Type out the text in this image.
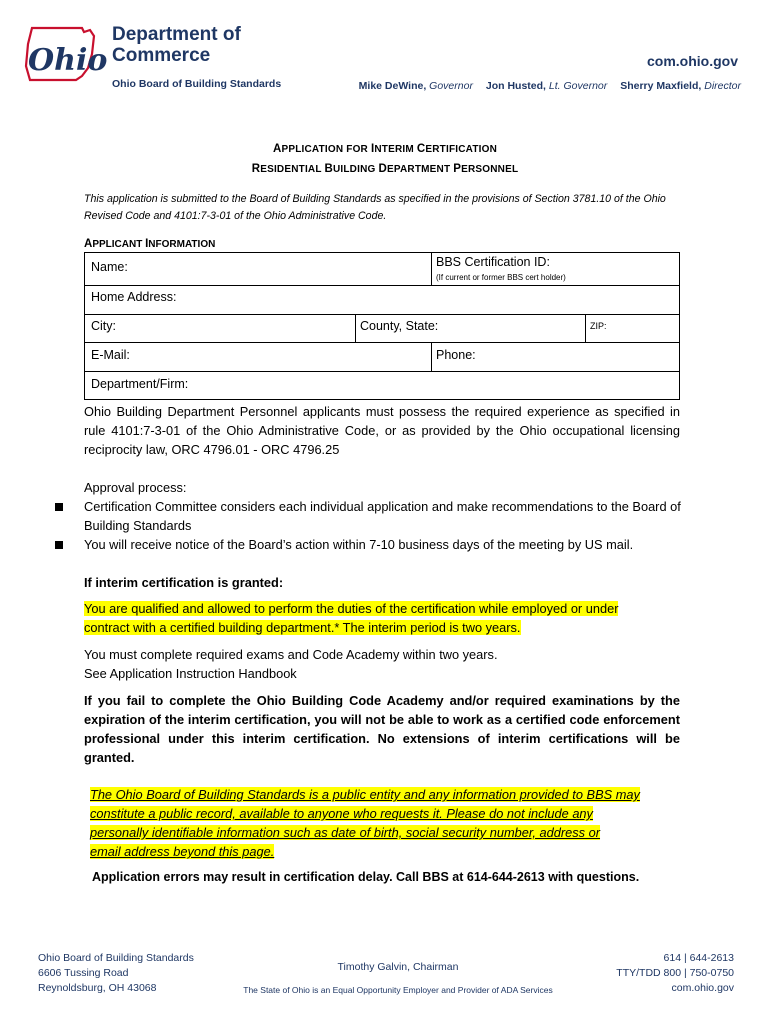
Ohio
Department of
Commerce
Ohio Board of Building Standards
com.ohio.gov
Mike DeWine, Governor Jon Husted, Lt. Governor Sherry Maxfield, Director
APPLICATION FOR INTERIM CERTIFICATION
RESIDENTIAL BUILDING DEPARTMENT PERSONNEL
This application is submitted to the Board of Building Standards as specified in the provisions of Section 3781.10 of the Ohio Revised Code and 4101:7-3-01 of the Ohio Administrative Code.
APPLICANT INFORMATION
Name:	BBS Certification ID:
(If current or former BBS cert holder)
Home Address:
City:	County, State:	ZIP:
E-Mail:	Phone:
Department/Firm:
Ohio Building Department Personnel applicants must possess the required experience as specified in rule 4101:7-3-01 of the Ohio Administrative Code, or as provided by the Ohio occupational licensing reciprocity law, ORC 4796.01 - ORC 4796.25
Approval process:
Certification Committee considers each individual application and make recommendations to the Board of Building Standards
You will receive notice of the Board’s action within 7-10 business days of the meeting by US mail.
If interim certification is granted:
You are qualified and allowed to perform the duties of the certification while employed or under
contract with a certified building department.* The interim period is two years.
You must complete required exams and Code Academy within two years.
See Application Instruction Handbook
If you fail to complete the Ohio Building Code Academy and/or required examinations by the expiration of the interim certification, you will not be able to work as a certified code enforcement professional under this interim certification. No extensions of interim certifications will be granted.
The Ohio Board of Building Standards is a public entity and any information provided to BBS may
constitute a public record, available to anyone who requests it. Please do not include any
personally identifiable information such as date of birth, social security number, address or
email address beyond this page.
Application errors may result in certification delay. Call BBS at 614-644-2613 with questions.
Ohio Board of Building Standards
6606 Tussing Road
Reynoldsburg, OH 43068
Timothy Galvin, Chairman
The State of Ohio is an Equal Opportunity Employer and Provider of ADA Services
614 | 644-2613
TTY/TDD 800 | 750-0750
com.ohio.gov
